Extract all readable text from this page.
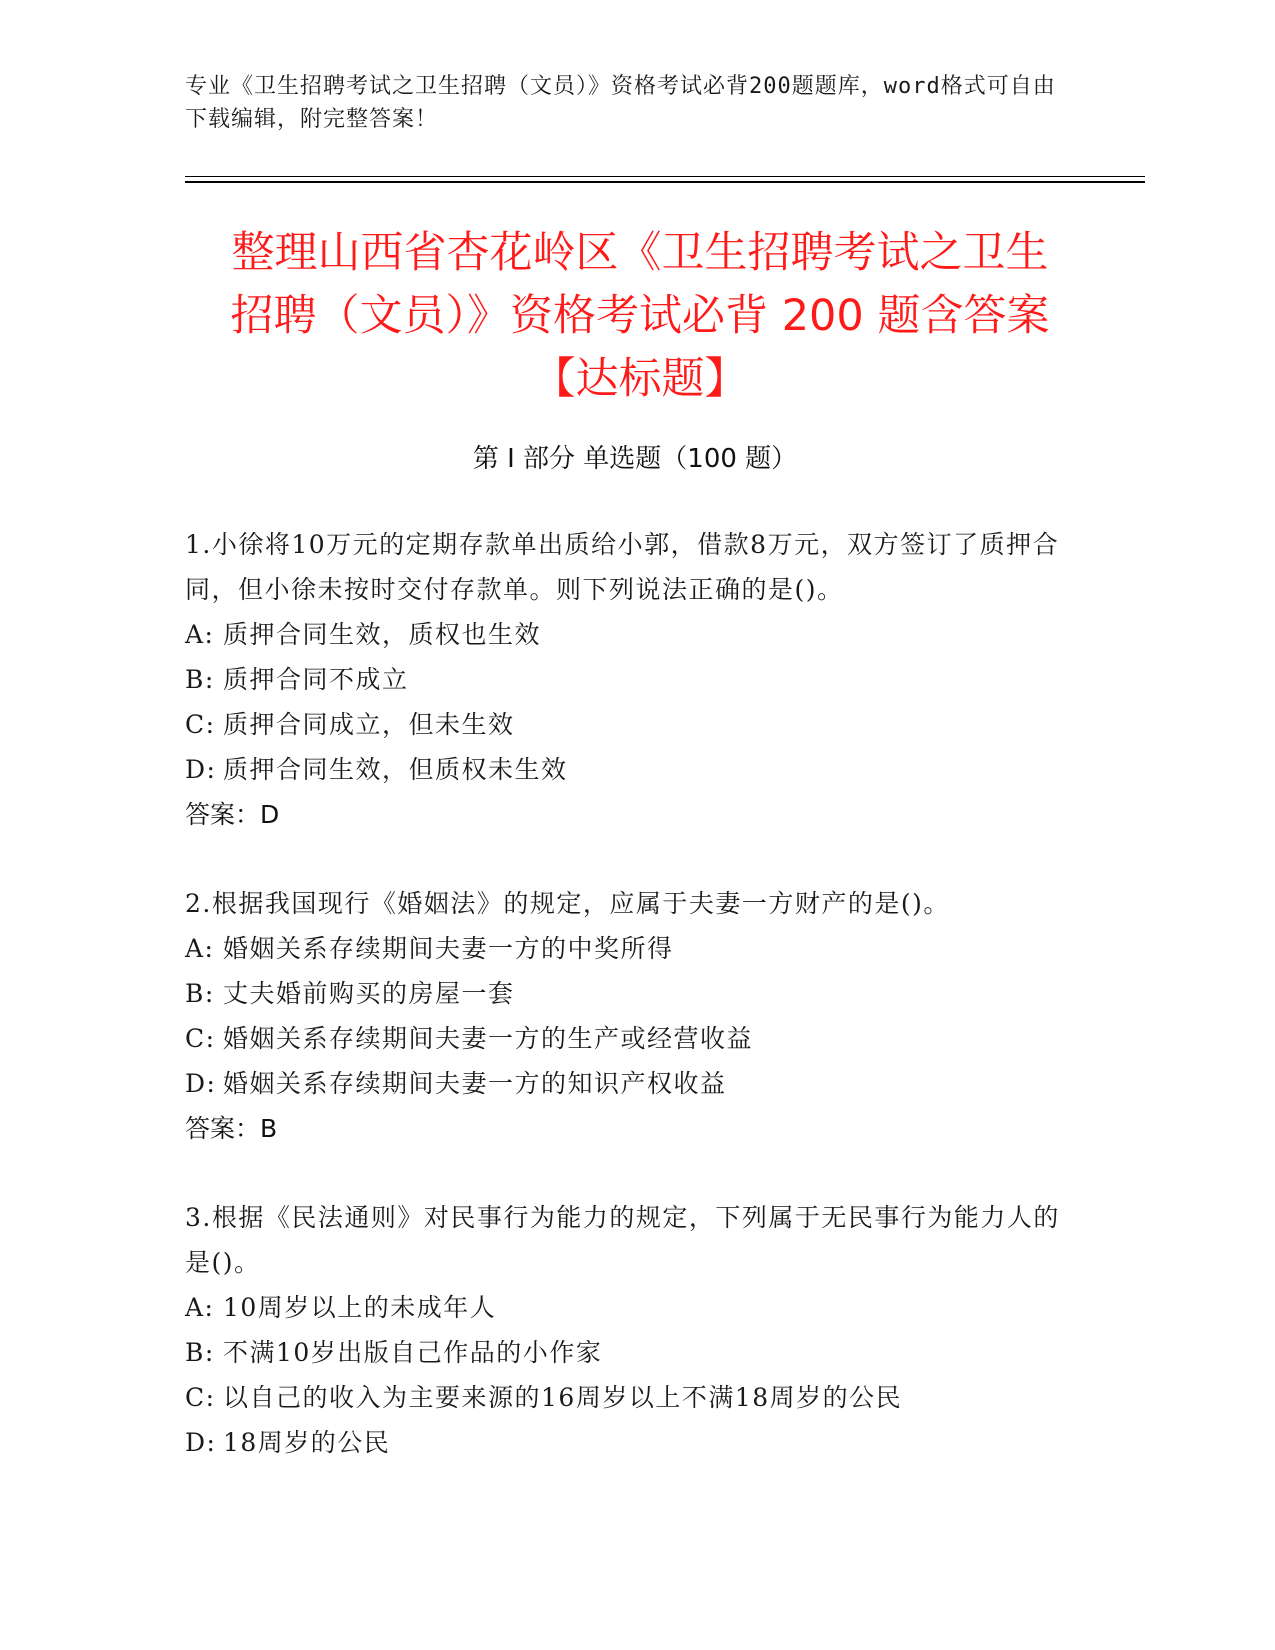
专业《卫生招聘考试之卫生招聘（文员）》资格考试必背200题题库，word格式可自由下载编辑，附完整答案！
整理山西省杏花岭区《卫生招聘考试之卫生
招聘（文员）》资格考试必背 200 题含答案
【达标题】
第 I 部分 单选题（100 题）
1.小徐将10万元的定期存款单出质给小郭，借款8万元，双方签订了质押合同，但小徐未按时交付存款单。则下列说法正确的是()。
A: 质押合同生效，质权也生效
B: 质押合同不成立
C: 质押合同成立，但未生效
D: 质押合同生效，但质权未生效
答案：D
2.根据我国现行《婚姻法》的规定，应属于夫妻一方财产的是()。
A: 婚姻关系存续期间夫妻一方的中奖所得
B: 丈夫婚前购买的房屋一套
C: 婚姻关系存续期间夫妻一方的生产或经营收益
D: 婚姻关系存续期间夫妻一方的知识产权收益
答案：B
3.根据《民法通则》对民事行为能力的规定，下列属于无民事行为能力人的是()。
A: 10周岁以上的未成年人
B: 不满10岁出版自己作品的小作家
C: 以自己的收入为主要来源的16周岁以上不满18周岁的公民
D: 18周岁的公民
